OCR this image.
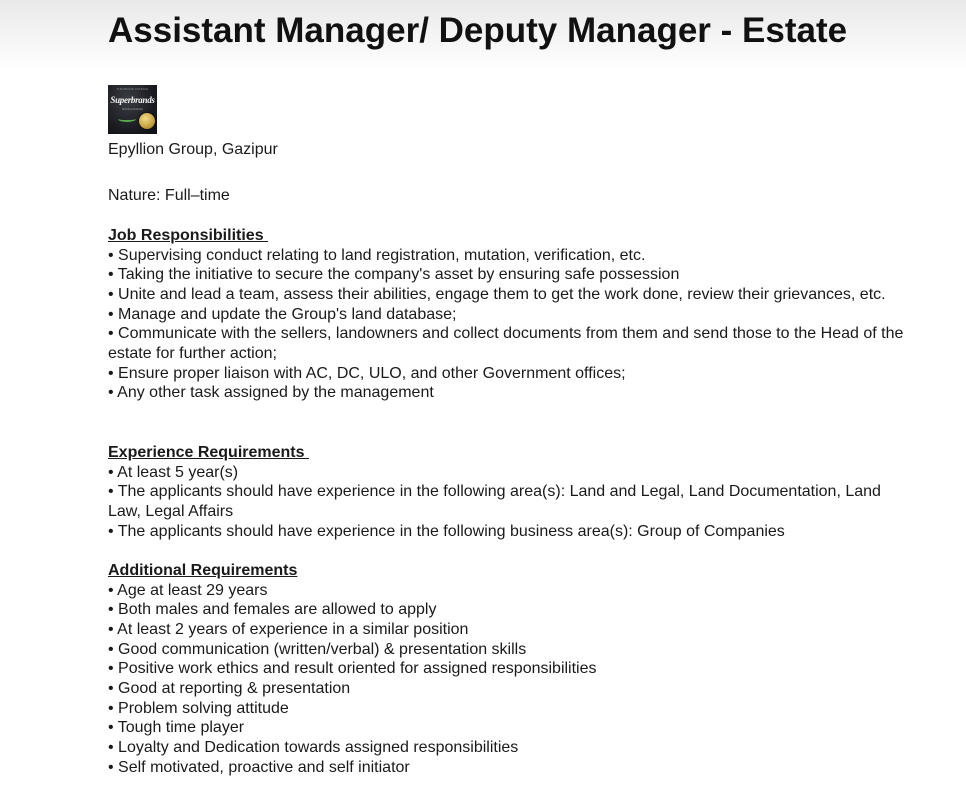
Assistant Manager/ Deputy Manager - Estate
THE BRAND COUNCIL
Superbrands
BANGLADESH
Epyllion Group, Gazipur
Nature: Full–time
Job Responsibilities
• Supervising conduct relating to land registration, mutation, verification, etc.
• Taking the initiative to secure the company's asset by ensuring safe possession
• Unite and lead a team, assess their abilities, engage them to get the work done, review their grievances, etc.
• Manage and update the Group's land database;
• Communicate with the sellers, landowners and collect documents from them and send those to the Head of the estate for further action;
• Ensure proper liaison with AC, DC, ULO, and other Government offices;
• Any other task assigned by the management
Experience Requirements
• At least 5 year(s)
• The applicants should have experience in the following area(s): Land and Legal, Land Documentation, Land Law, Legal Affairs
• The applicants should have experience in the following business area(s): Group of Companies
Additional Requirements
• Age at least 29 years
• Both males and females are allowed to apply
• At least 2 years of experience in a similar position
• Good communication (written/verbal) & presentation skills
• Positive work ethics and result oriented for assigned responsibilities
• Good at reporting & presentation
• Problem solving attitude
• Tough time player
• Loyalty and Dedication towards assigned responsibilities
• Self motivated, proactive and self initiator
